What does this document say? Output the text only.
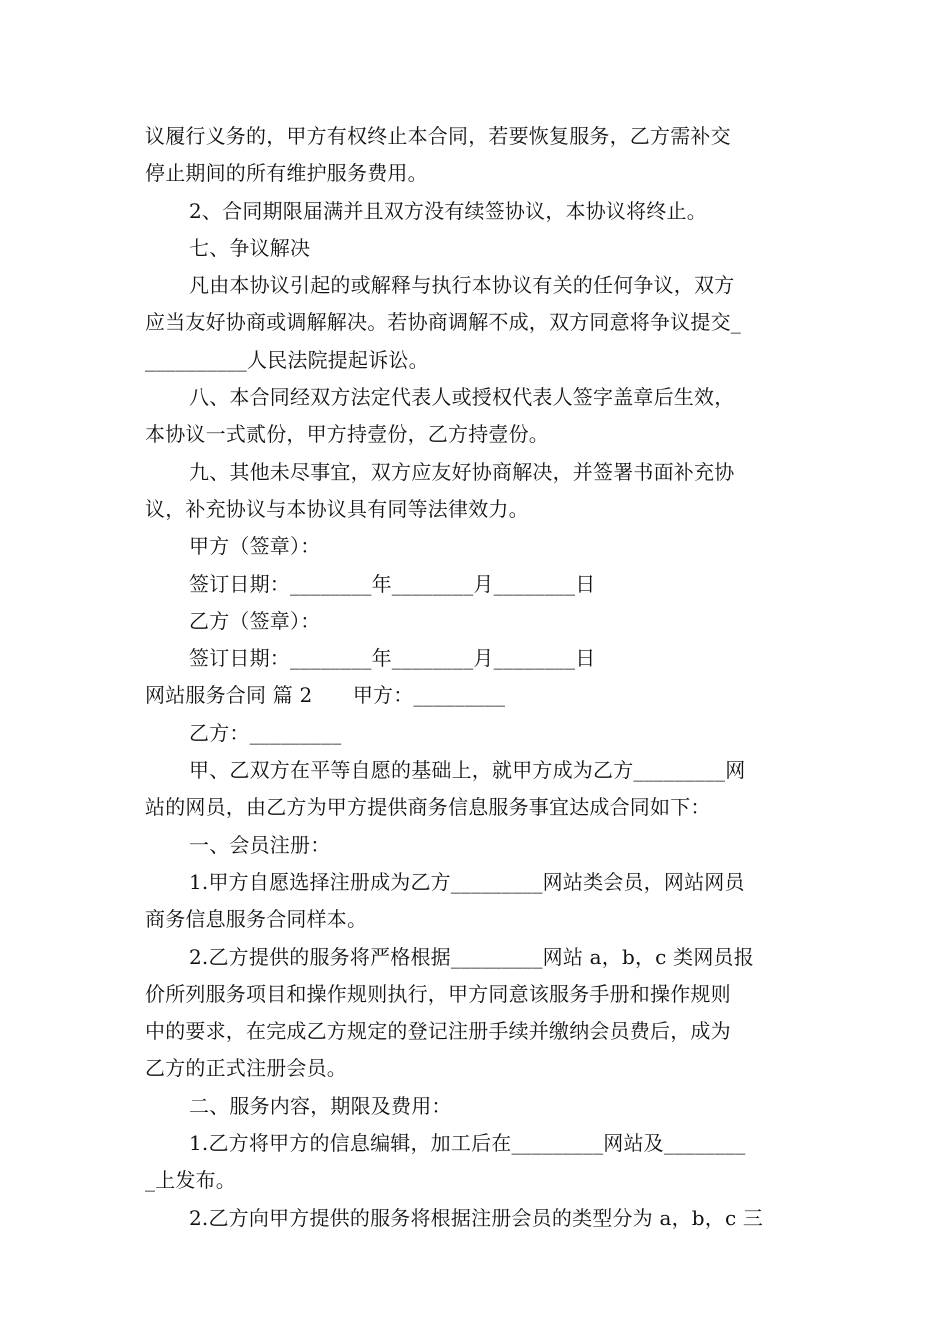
议履行义务的，甲方有权终止本合同，若要恢复服务，乙方需补交
停止期间的所有维护服务费用。
2、合同期限届满并且双方没有续签协议，本协议将终止。
七、争议解决
凡由本协议引起的或解释与执行本协议有关的任何争议，双方
应当友好协商或调解解决。若协商调解不成，双方同意将争议提交_
__________人民法院提起诉讼。
八、本合同经双方法定代表人或授权代表人签字盖章后生效，
本协议一式贰份，甲方持壹份，乙方持壹份。
九、其他未尽事宜，双方应友好协商解决，并签署书面补充协
议，补充协议与本协议具有同等法律效力。
甲方（签章）：
签订日期：________年________月________日
乙方（签章）：
签订日期：________年________月________日
网站服务合同 篇 2　　甲方：_________
乙方：_________
甲、乙双方在平等自愿的基础上，就甲方成为乙方_________网
站的网员，由乙方为甲方提供商务信息服务事宜达成合同如下：
一、会员注册：
1.甲方自愿选择注册成为乙方_________网站类会员，网站网员
商务信息服务合同样本。
2.乙方提供的服务将严格根据_________网站 a，b，c 类网员报
价所列服务项目和操作规则执行，甲方同意该服务手册和操作规则
中的要求，在完成乙方规定的登记注册手续并缴纳会员费后，成为
乙方的正式注册会员。
二、服务内容，期限及费用：
1.乙方将甲方的信息编辑，加工后在_________网站及________
_上发布。
2.乙方向甲方提供的服务将根据注册会员的类型分为 a，b，c 三
